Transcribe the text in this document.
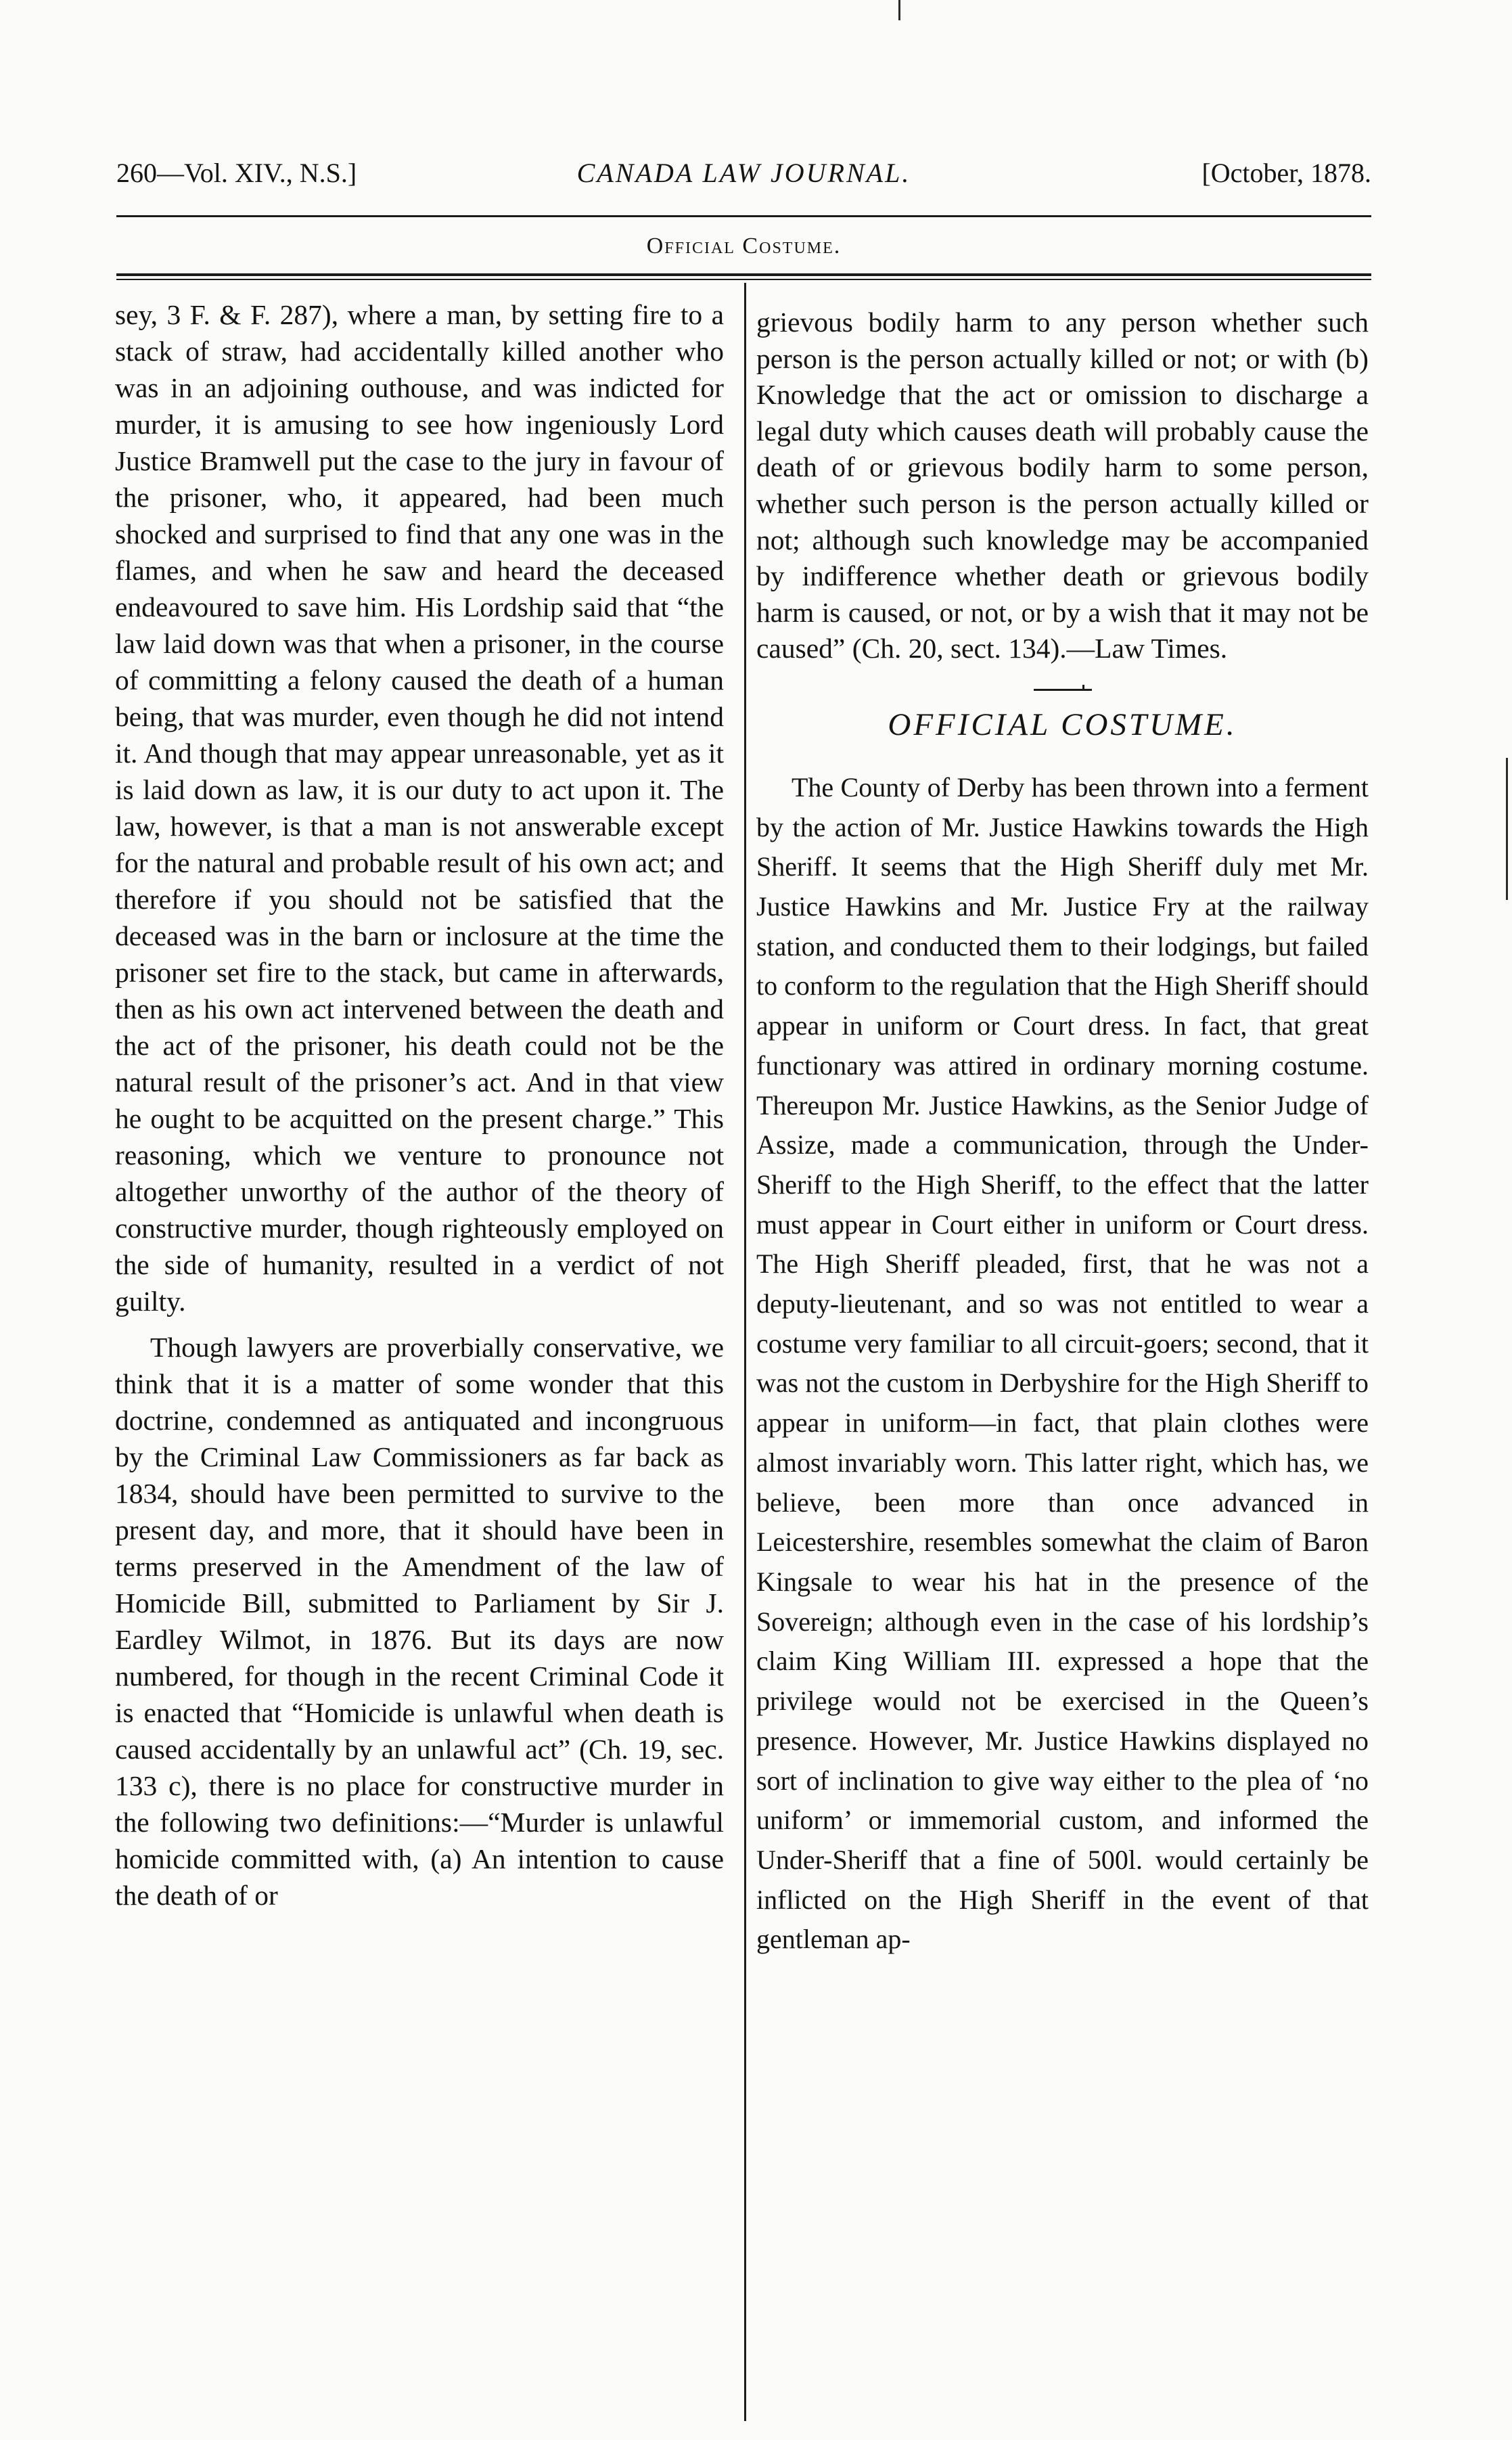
260—Vol. XIV., N.S.]	CANADA LAW JOURNAL.	[October, 1878.
Official Costume.

sey, 3 F. & F. 287), where a man, by setting fire to a stack of straw, had accidentally killed another who was in an adjoining outhouse, and was indicted for murder, it is amusing to see how ingeniously Lord Justice Bramwell put the case to the jury in favour of the prisoner, who, it appeared, had been much shocked and surprised to find that any one was in the flames, and when he saw and heard the deceased endeavoured to save him. His Lordship said that “the law laid down was that when a prisoner, in the course of committing a felony caused the death of a human being, that was murder, even though he did not intend it. And though that may appear unreasonable, yet as it is laid down as law, it is our duty to act upon it. The law, however, is that a man is not answerable except for the natural and probable result of his own act; and therefore if you should not be satisfied that the deceased was in the barn or inclosure at the time the prisoner set fire to the stack, but came in afterwards, then as his own act intervened between the death and the act of the prisoner, his death could not be the natural result of the prisoner’s act. And in that view he ought to be acquitted on the present charge.” This reasoning, which we venture to pronounce not altogether unworthy of the author of the theory of constructive murder, though righteously employed on the side of humanity, resulted in a verdict of not guilty.

Though lawyers are proverbially conservative, we think that it is a matter of some wonder that this doctrine, condemned as antiquated and incongruous by the Criminal Law Commissioners as far back as 1834, should have been permitted to survive to the present day, and more, that it should have been in terms preserved in the Amendment of the law of Homicide Bill, submitted to Parliament by Sir J. Eardley Wilmot, in 1876. But its days are now numbered, for though in the recent Criminal Code it is enacted that “Homicide is unlawful when death is caused accidentally by an unlawful act” (Ch. 19, sec. 133 c), there is no place for constructive murder in the following two definitions:—“Murder is unlawful homicide committed with, (a) An intention to cause the death of or

grievous bodily harm to any person whether such person is the person actually killed or not; or with (b) Knowledge that the act or omission to discharge a legal duty which causes death will probably cause the death of or grievous bodily harm to some person, whether such person is the person actually killed or not; although such knowledge may be accompanied by indifference whether death or grievous bodily harm is caused, or not, or by a wish that it may not be caused” (Ch. 20, sect. 134).—Law Times.

OFFICIAL COSTUME.

The County of Derby has been thrown into a ferment by the action of Mr. Justice Hawkins towards the High Sheriff. It seems that the High Sheriff duly met Mr. Justice Hawkins and Mr. Justice Fry at the railway station, and conducted them to their lodgings, but failed to conform to the regulation that the High Sheriff should appear in uniform or Court dress. In fact, that great functionary was attired in ordinary morning costume. Thereupon Mr. Justice Hawkins, as the Senior Judge of Assize, made a communication, through the Under-Sheriff to the High Sheriff, to the effect that the latter must appear in Court either in uniform or Court dress. The High Sheriff pleaded, first, that he was not a deputy-lieutenant, and so was not entitled to wear a costume very familiar to all circuit-goers; second, that it was not the custom in Derbyshire for the High Sheriff to appear in uniform—in fact, that plain clothes were almost invariably worn. This latter right, which has, we believe, been more than once advanced in Leicestershire, resembles somewhat the claim of Baron Kingsale to wear his hat in the presence of the Sovereign; although even in the case of his lordship’s claim King William III. expressed a hope that the privilege would not be exercised in the Queen’s presence. However, Mr. Justice Hawkins displayed no sort of inclination to give way either to the plea of ‘no uniform’ or immemorial custom, and informed the Under-Sheriff that a fine of 500l. would certainly be inflicted on the High Sheriff in the event of that gentleman ap-
